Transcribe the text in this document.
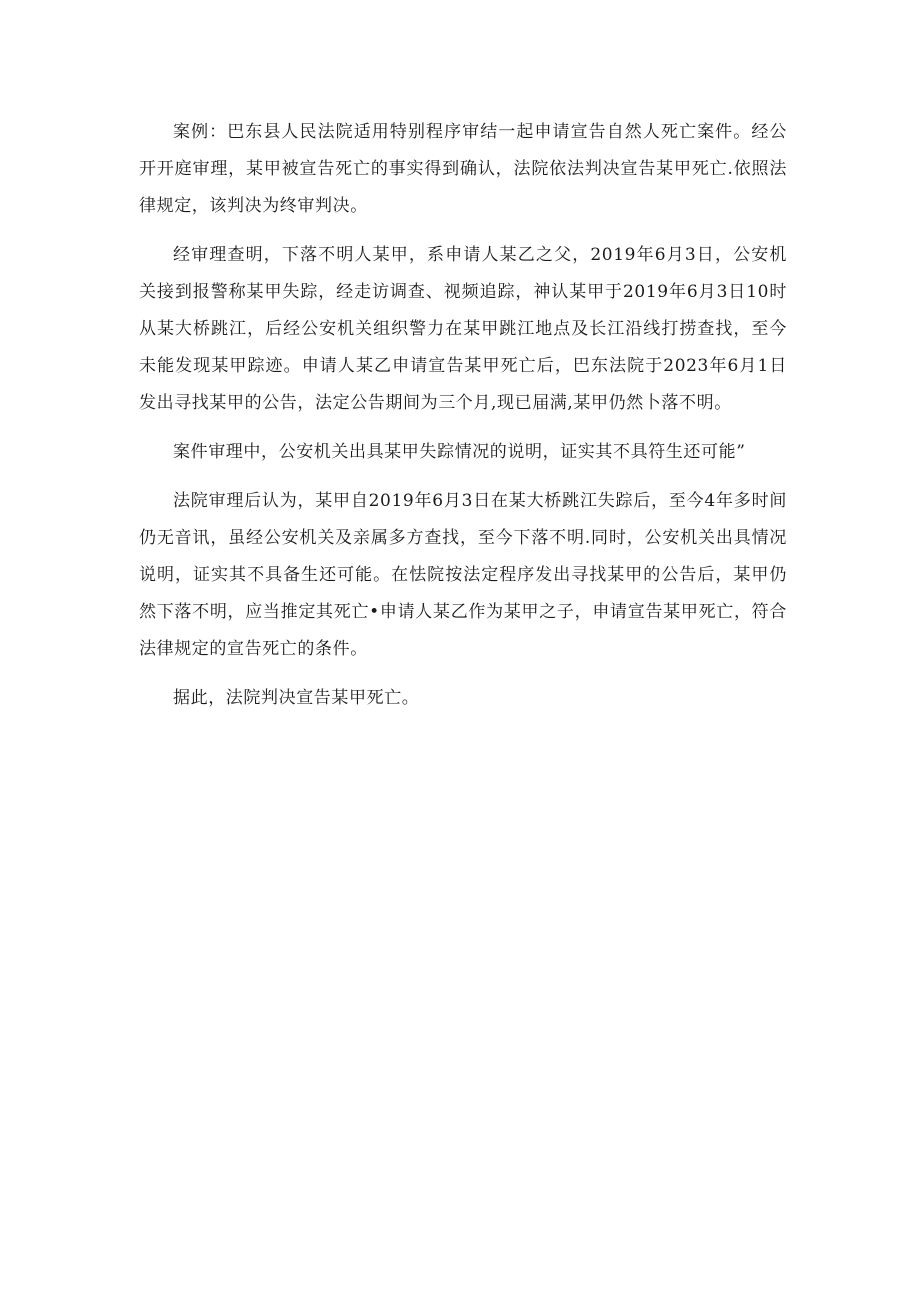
案例：巴东县人民法院适用特别程序审结一起申请宣告自然人死亡案件。经公开开庭审理，某甲被宣告死亡的事实得到确认，法院依法判决宣告某甲死亡.依照法律规定，该判决为终审判决。

经审理查明，下落不明人某甲，系申请人某乙之父，2019年6月3日，公安机关接到报警称某甲失踪，经走访调查、视频追踪，神认某甲于2019年6月3日10时从某大桥跳江，后经公安机关组织警力在某甲跳江地点及长江沿线打捞查找，至今未能发现某甲踪迹。申请人某乙申请宣告某甲死亡后，巴东法院于2023年6月1日发出寻找某甲的公告，法定公告期间为三个月,现已届满,某甲仍然卜落不明。

案件审理中，公安机关出具某甲失踪情况的说明，证实其不具符生还可能”

法院审理后认为，某甲自2019年6月3日在某大桥跳江失踪后，至今4年多时间仍无音讯，虽经公安机关及亲属多方查找，至今下落不明.同时，公安机关出具情况说明，证实其不具备生还可能。在怯院按法定程序发出寻找某甲的公告后，某甲仍然下落不明，应当推定其死亡•申请人某乙作为某甲之子，申请宣告某甲死亡，符合法律规定的宣告死亡的条件。

据此，法院判决宣告某甲死亡。
